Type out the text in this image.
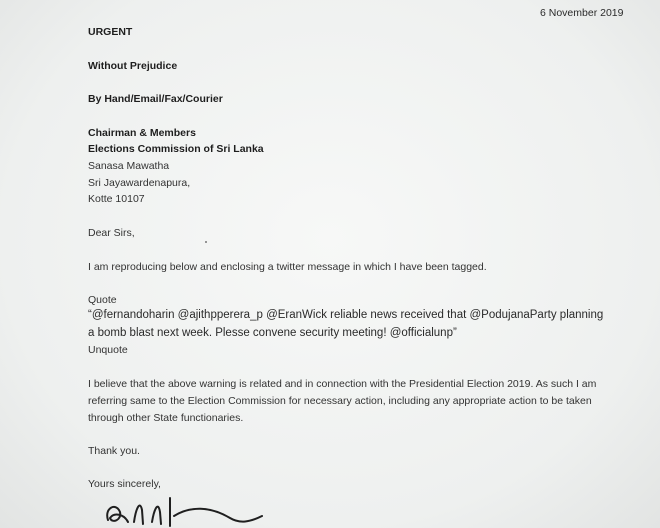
6 November 2019
URGENT
Without Prejudice
By Hand/Email/Fax/Courier
Chairman & Members
Elections Commission of Sri Lanka
Sanasa Mawatha
Sri Jayawardenapura,
Kotte 10107
Dear Sirs,
I am reproducing below and enclosing a twitter message in which I have been tagged.
Quote
“@fernandoharin @ajithpperera_p @EranWick reliable news received that @PodujanaParty planning
a bomb blast next week. Plesse convene security meeting! @officialunp”
Unquote
I believe that the above warning is related and in connection with the Presidential Election 2019. As such I am
referring same to the Election Commission for necessary action, including any appropriate action to be taken
through other State functionaries.
Thank you.
Yours sincerely,
